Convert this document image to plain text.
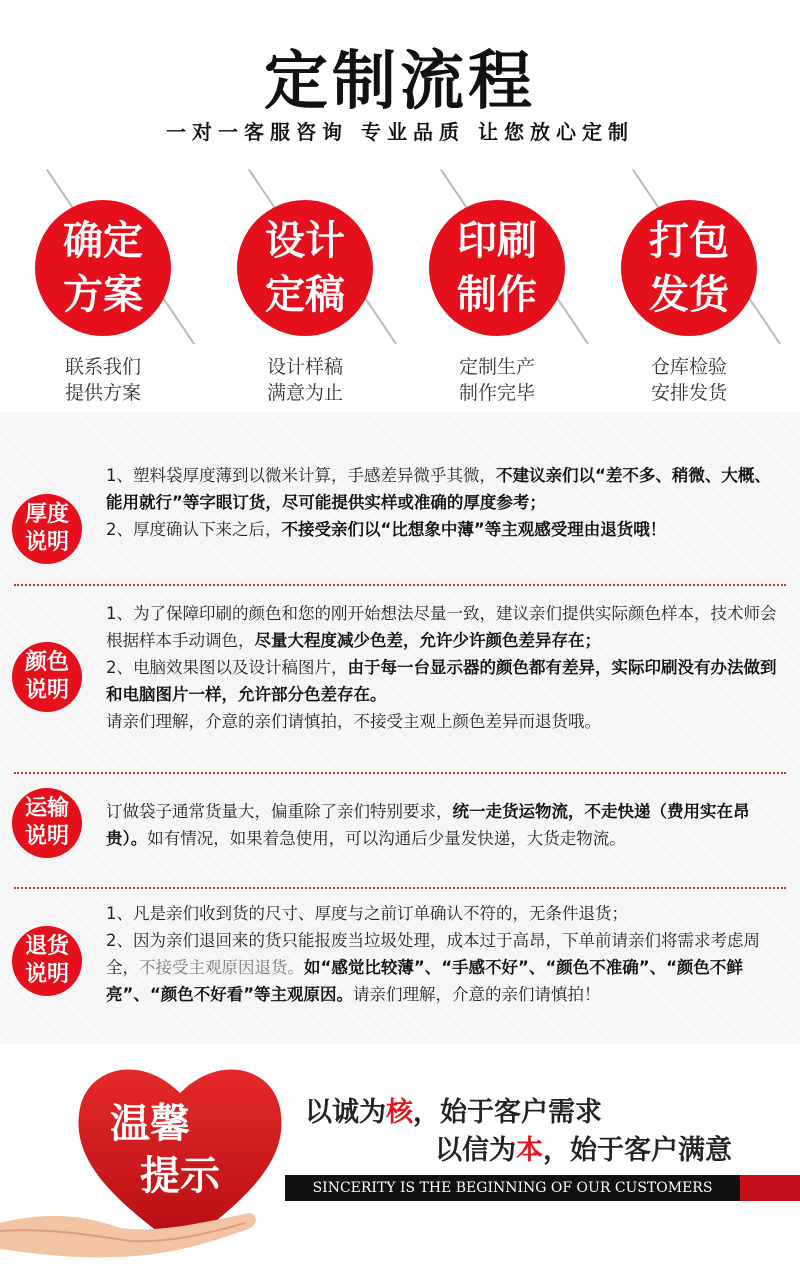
定制流程
一对一客服咨询 专业品质 让您放心定制
确定
方案
联系我们
提供方案
设计
定稿
设计样稿
满意为止
印刷
制作
定制生产
制作完毕
打包
发货
仓库检验
安排发货
厚度
说明

1、塑料袋厚度薄到以微米计算，手感差异微乎其微，不建议亲们以“差不多、稍微、大概、能用就行”等字眼订货，尽可能提供实样或准确的厚度参考；

2、厚度确认下来之后，不接受亲们以“比想象中薄”等主观感受理由退货哦！

颜色
说明

1、为了保障印刷的颜色和您的刚开始想法尽量一致，建议亲们提供实际颜色样本，技术师会根据样本手动调色，尽量大程度减少色差，允许少许颜色差异存在；

2、电脑效果图以及设计稿图片，由于每一台显示器的颜色都有差异，实际印刷没有办法做到和电脑图片一样，允许部分色差存在。

请亲们理解，介意的亲们请慎拍，不接受主观上颜色差异而退货哦。

运输
说明

订做袋子通常货量大，偏重除了亲们特别要求，统一走货运物流，不走快递（费用实在昂贵）。如有情况，如果着急使用，可以沟通后少量发快递，大货走物流。

退货
说明

1、凡是亲们收到货的尺寸、厚度与之前订单确认不符的，无条件退货；

2、因为亲们退回来的货只能报废当垃圾处理，成本过于高昂，下单前请亲们将需求考虑周全，不接受主观原因退货。如“感觉比较薄”、“手感不好”、“颜色不准确”、“颜色不鲜亮”、“颜色不好看”等主观原因。请亲们理解，介意的亲们请慎拍！

温馨
提示
以诚为核，始于客户需求
以信为本，始于客户满意
SINCERITY IS THE BEGINNING OF OUR CUSTOMERS
